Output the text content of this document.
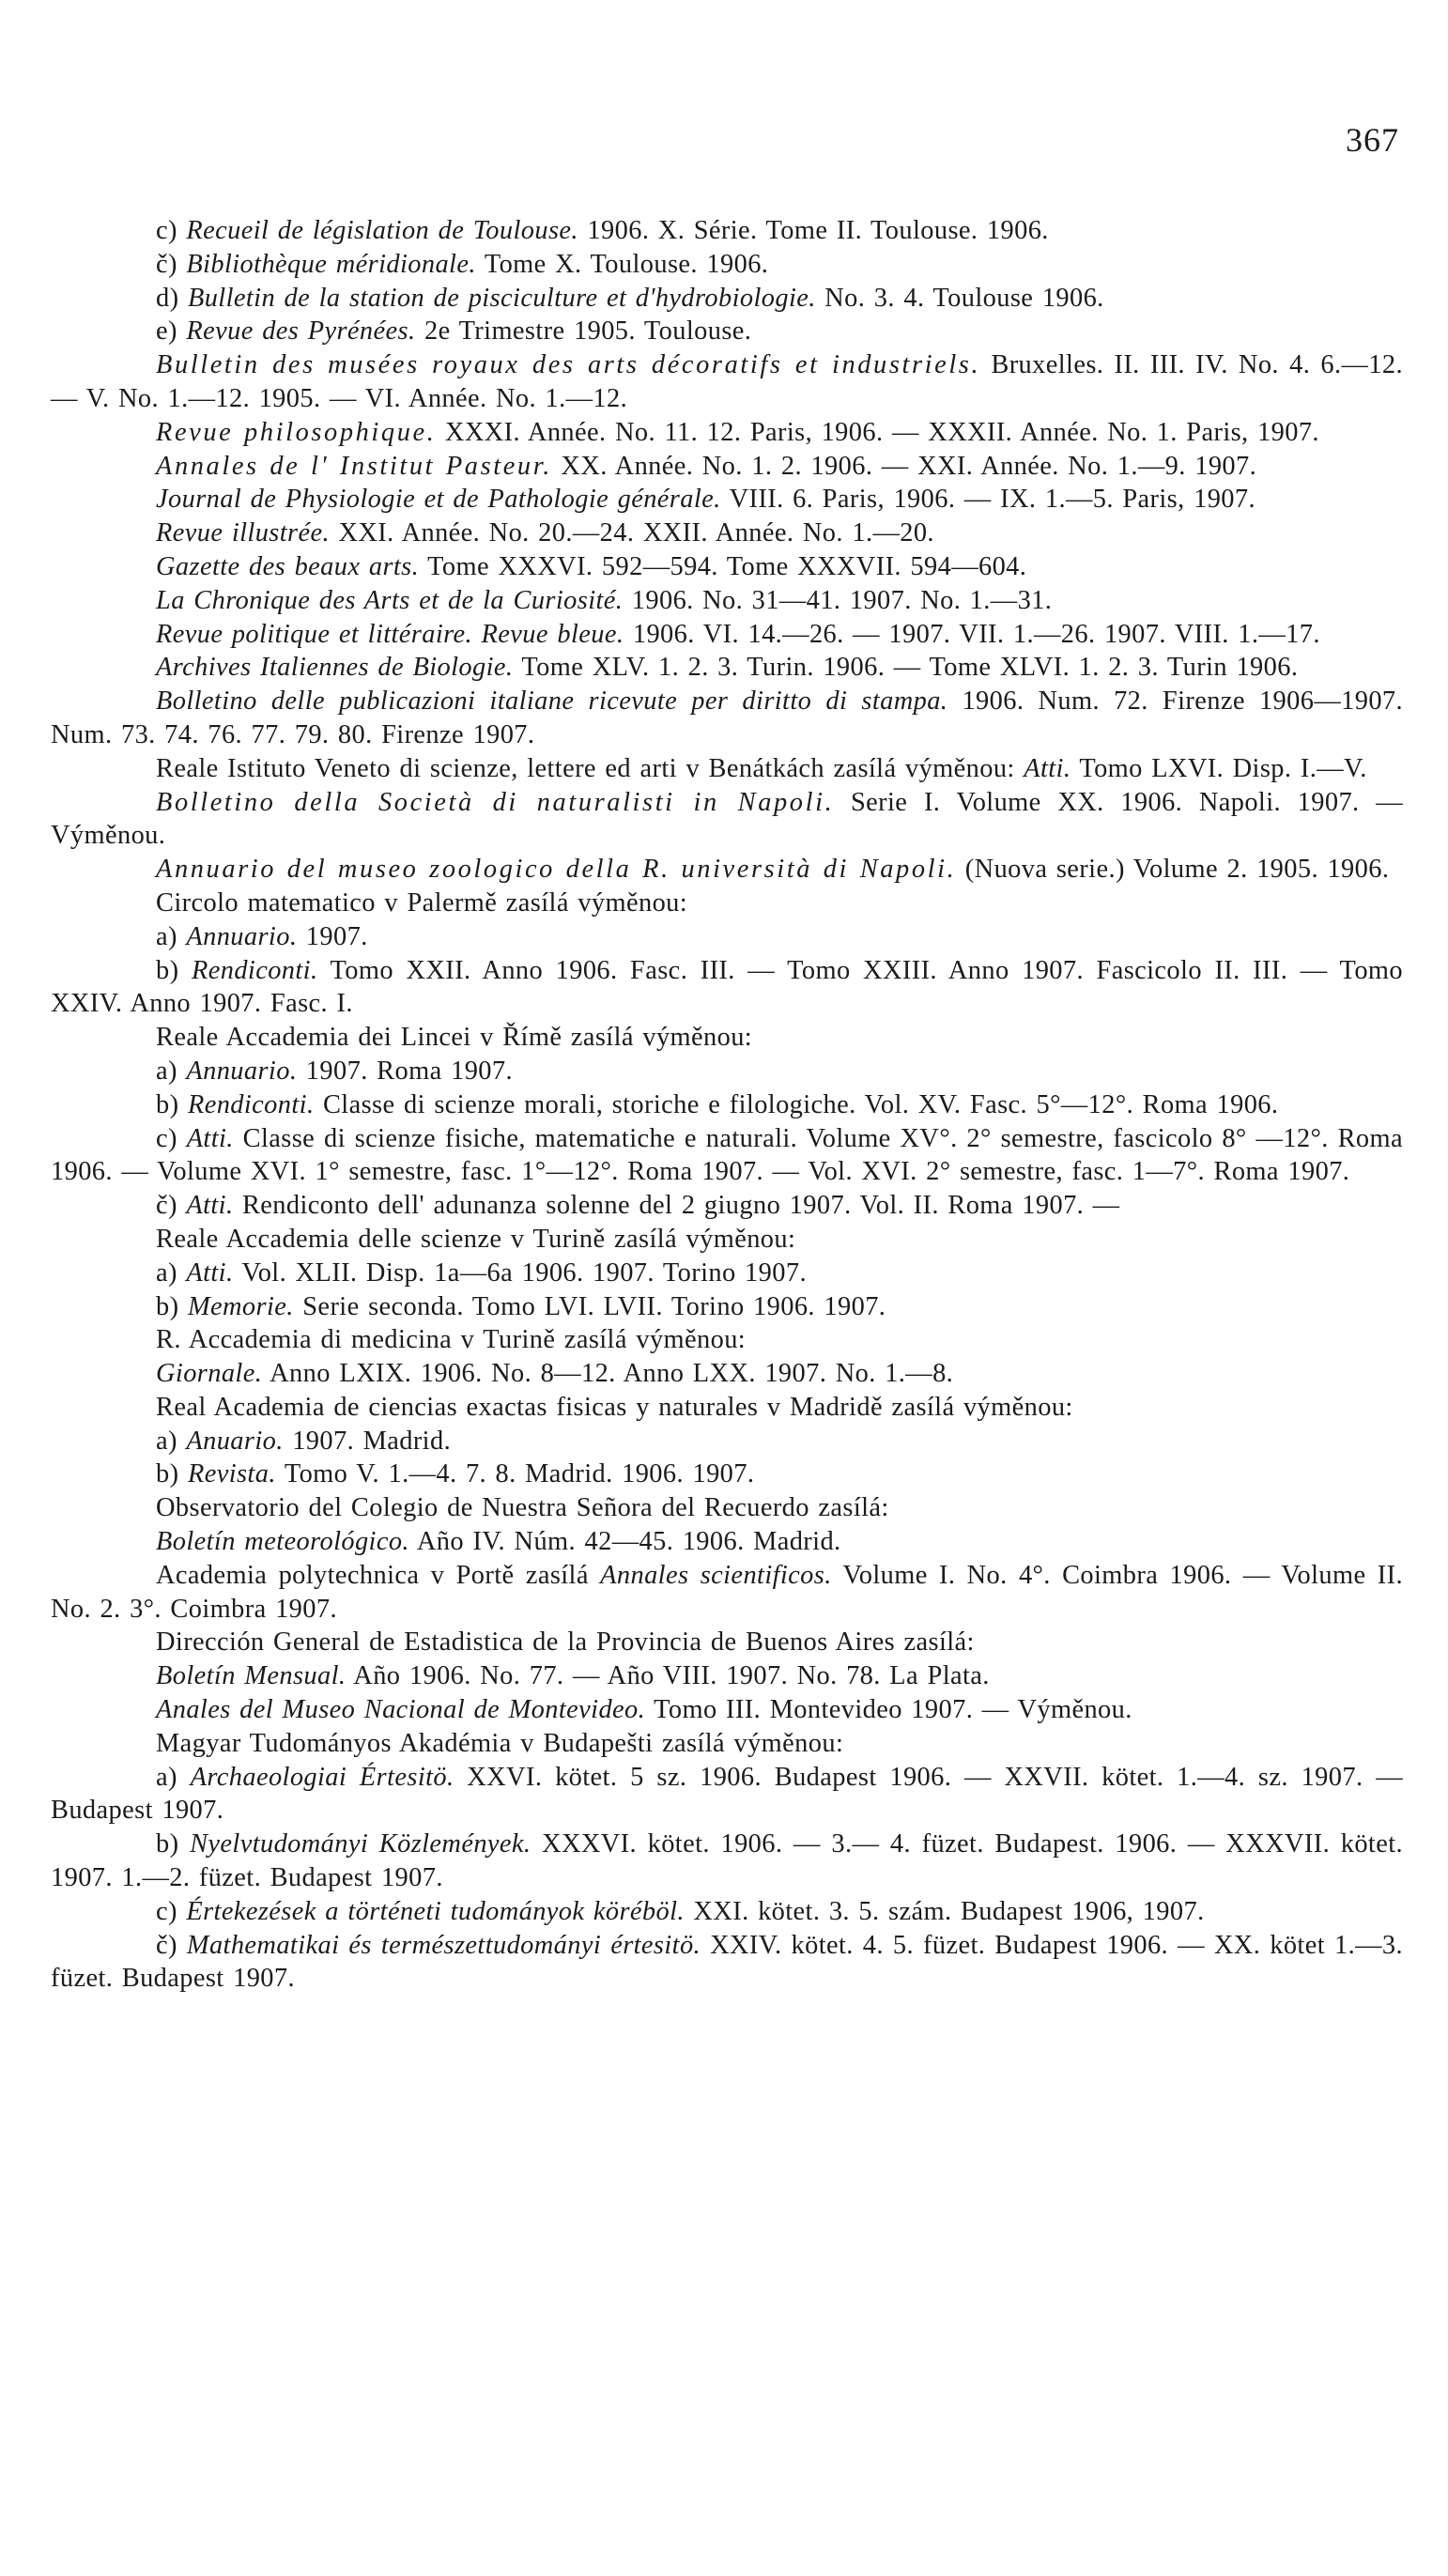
367

c) Recueil de législation de Toulouse. 1906. X. Série. Tome II. Toulouse. 1906.

č) Bibliothèque méridionale. Tome X. Toulouse. 1906.

d) Bulletin de la station de pisciculture et d'hydrobiologie. No. 3. 4. Toulouse 1906.

e) Revue des Pyrénées. 2e Trimestre 1905. Toulouse.

Bulletin des musées royaux des arts décoratifs et industriels. Bruxelles. II. III. IV. No. 4. 6.—12. — V. No. 1.—12. 1905. — VI. Année. No. 1.—12.

Revue philosophique. XXXI. Année. No. 11. 12. Paris, 1906. — XXXII. Année. No. 1. Paris, 1907.

Annales de l' Institut Pasteur. XX. Année. No. 1. 2. 1906. — XXI. Année. No. 1.—9. 1907.

Journal de Physiologie et de Pathologie générale. VIII. 6. Paris, 1906. — IX. 1.—5. Paris, 1907.

Revue illustrée. XXI. Année. No. 20.—24. XXII. Année. No. 1.—20.

Gazette des beaux arts. Tome XXXVI. 592—594. Tome XXXVII. 594—604.

La Chronique des Arts et de la Curiosité. 1906. No. 31—41. 1907. No. 1.—31.

Revue politique et littéraire. Revue bleue. 1906. VI. 14.—26. — 1907. VII. 1.—26. 1907. VIII. 1.—17.

Archives Italiennes de Biologie. Tome XLV. 1. 2. 3. Turin. 1906. — Tome XLVI. 1. 2. 3. Turin 1906.

Bolletino delle publicazioni italiane ricevute per diritto di stampa. 1906. Num. 72. Firenze 1906—1907. Num. 73. 74. 76. 77. 79. 80. Firenze 1907.

Reale Istituto Veneto di scienze, lettere ed arti v Benátkách zasílá výměnou: Atti. Tomo LXVI. Disp. I.—V.

Bolletino della Società di naturalisti in Napoli. Serie I. Volume XX. 1906. Napoli. 1907. — Výměnou.

Annuario del museo zoologico della R. università di Napoli. (Nuova serie.) Volume 2. 1905. 1906.

Circolo matematico v Palermě zasílá výměnou:

a) Annuario. 1907.

b) Rendiconti. Tomo XXII. Anno 1906. Fasc. III. — Tomo XXIII. Anno 1907. Fascicolo II. III. — Tomo XXIV. Anno 1907. Fasc. I.

Reale Accademia dei Lincei v Římě zasílá výměnou:

a) Annuario. 1907. Roma 1907.

b) Rendiconti. Classe di scienze morali, storiche e filologiche. Vol. XV. Fasc. 5°—12°. Roma 1906.

c) Atti. Classe di scienze fisiche, matematiche e naturali. Volume XV°. 2° semestre, fascicolo 8° —12°. Roma 1906. — Volume XVI. 1° semestre, fasc. 1°—12°. Roma 1907. — Vol. XVI. 2° semestre, fasc. 1—7°. Roma 1907.

č) Atti. Rendiconto dell' adunanza solenne del 2 giugno 1907. Vol. II. Roma 1907. —

Reale Accademia delle scienze v Turině zasílá výměnou:

a) Atti. Vol. XLII. Disp. 1a—6a 1906. 1907. Torino 1907.

b) Memorie. Serie seconda. Tomo LVI. LVII. Torino 1906. 1907.

R. Accademia di medicina v Turině zasílá výměnou:

Giornale. Anno LXIX. 1906. No. 8—12. Anno LXX. 1907. No. 1.—8.

Real Academia de ciencias exactas fisicas y naturales v Madridě zasílá výměnou:

a) Anuario. 1907. Madrid.

b) Revista. Tomo V. 1.—4. 7. 8. Madrid. 1906. 1907.

Observatorio del Colegio de Nuestra Señora del Recuerdo zasílá:

Boletín meteorológico. Año IV. Núm. 42—45. 1906. Madrid.

Academia polytechnica v Portě zasílá Annales scientificos. Volume I. No. 4°. Coimbra 1906. — Volume II. No. 2. 3°. Coimbra 1907.

Dirección General de Estadistica de la Provincia de Buenos Aires zasílá:

Boletín Mensual. Año 1906. No. 77. — Año VIII. 1907. No. 78. La Plata.

Anales del Museo Nacional de Montevideo. Tomo III. Montevideo 1907. — Výměnou.

Magyar Tudományos Akadémia v Budapešti zasílá výměnou:

a) Archaeologiai Értesitö. XXVI. kötet. 5 sz. 1906. Budapest 1906. — XXVII. kötet. 1.—4. sz. 1907. — Budapest 1907.

b) Nyelvtudományi Közlemények. XXXVI. kötet. 1906. — 3.— 4. füzet. Budapest. 1906. — XXXVII. kötet. 1907. 1.—2. füzet. Budapest 1907.

c) Értekezések a történeti tudományok köréböl. XXI. kötet. 3. 5. szám. Budapest 1906, 1907.

č) Mathematikai és természettudományi értesitö. XXIV. kötet. 4. 5. füzet. Budapest 1906. — XX. kötet 1.—3. füzet. Budapest 1907.
